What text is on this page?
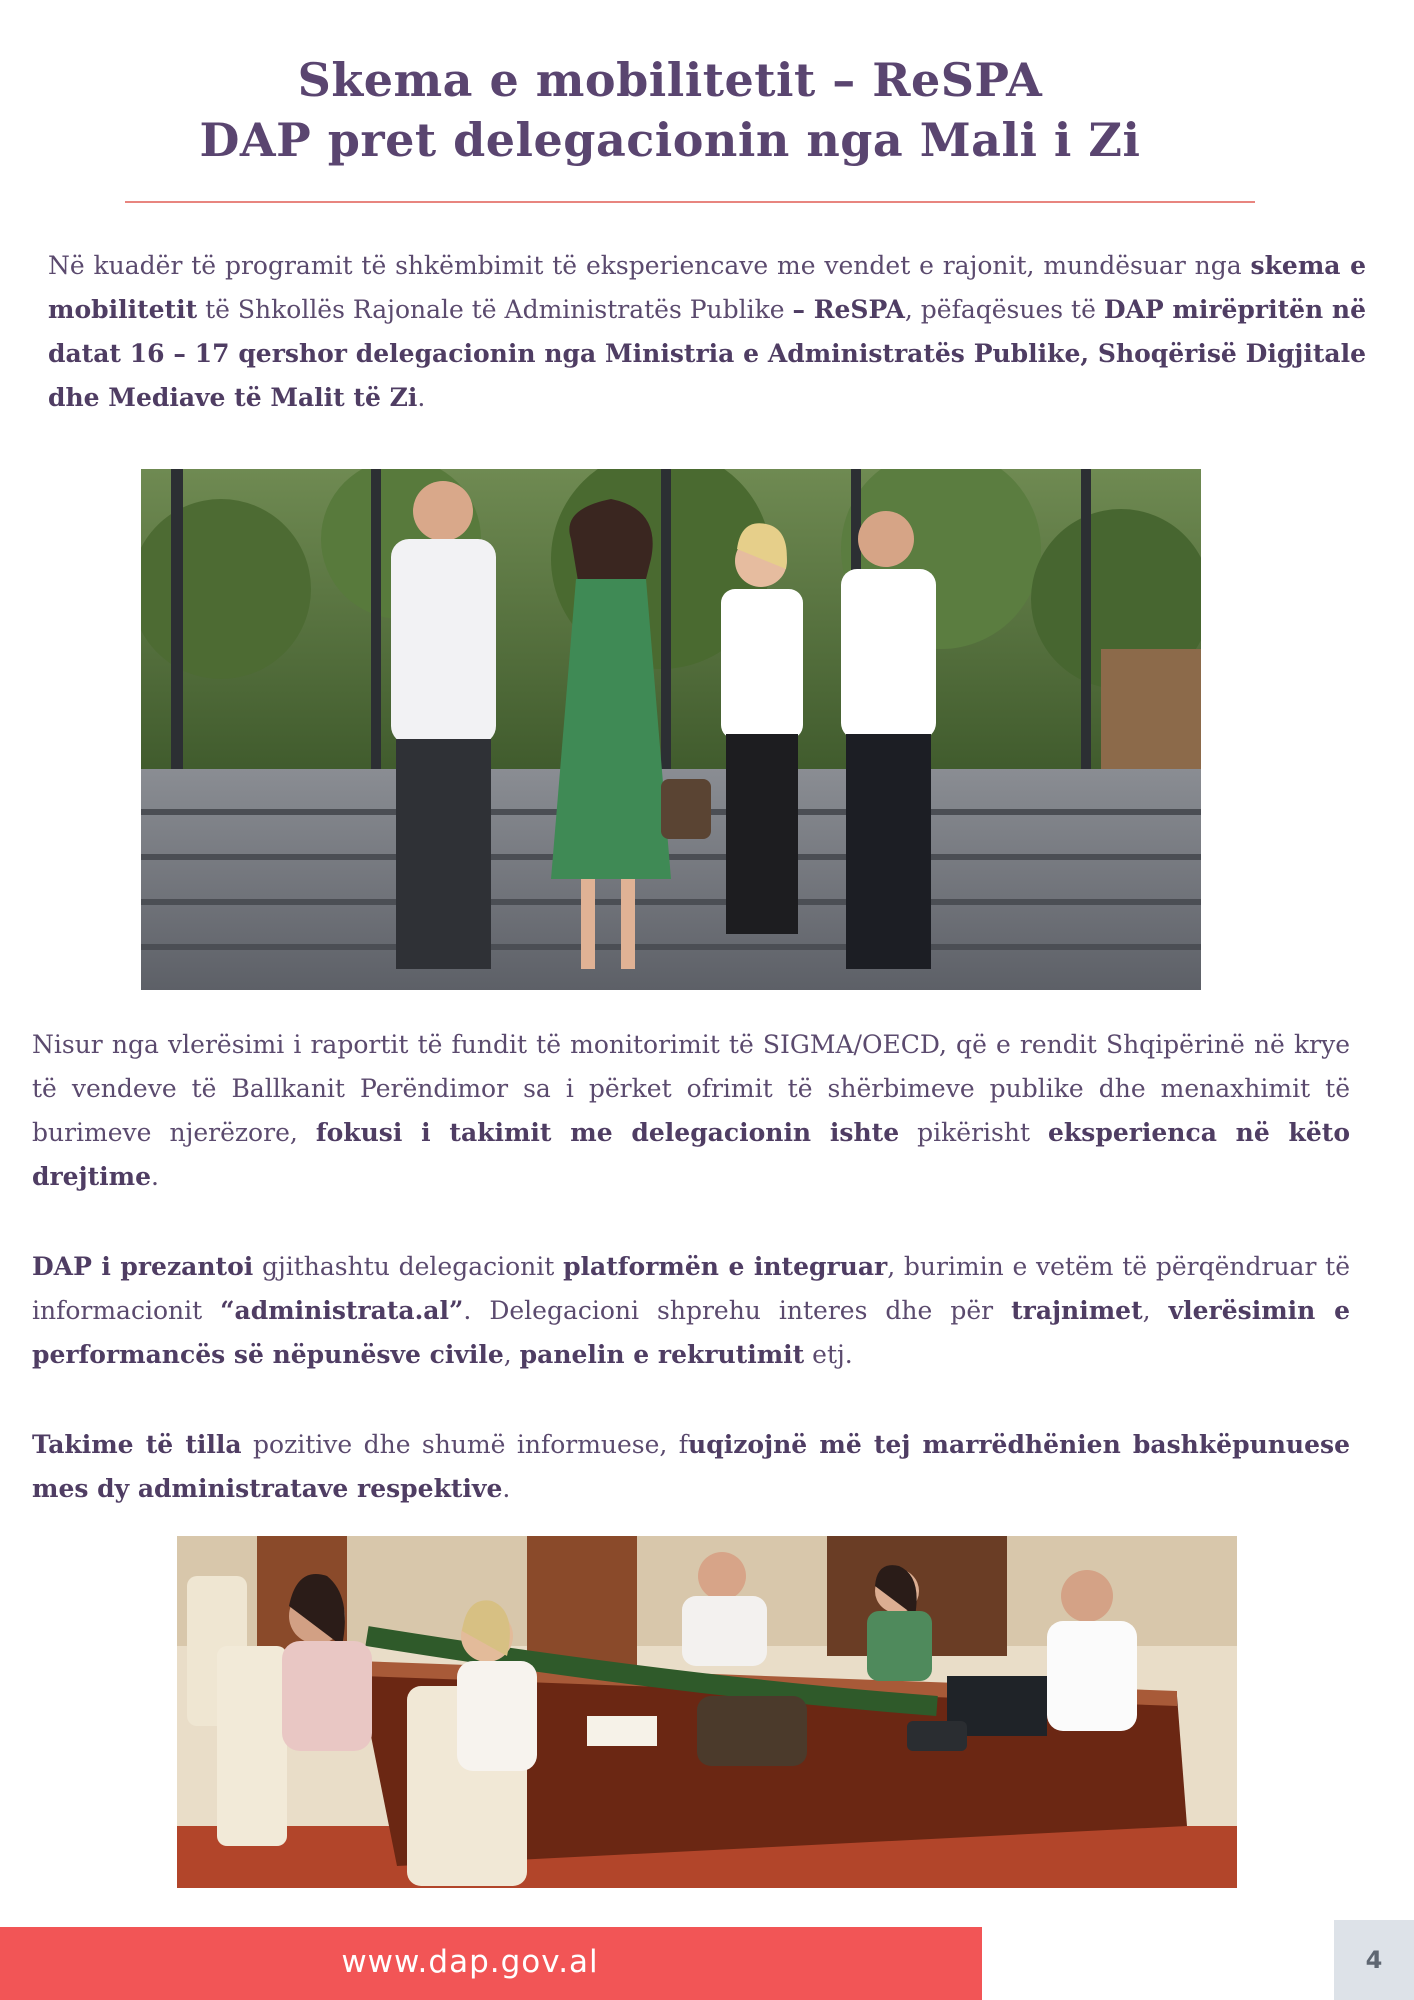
Skema e mobilitetit – ReSPA
DAP pret delegacionin nga Mali i Zi
Në kuadër të programit të shkëmbimit të eksperiencave me vendet e rajonit, mundësuar nga skema e mobilitetit të Shkollës Rajonale të Administratës Publike – ReSPA, pëfaqësues të DAP mirëpritën në datat 16 – 17 qershor delegacionin nga Ministria e Administratës Publike, Shoqërisë Digjitale dhe Mediave të Malit të Zi.
Nisur nga vlerësimi i raportit të fundit të monitorimit të SIGMA/OECD, që e rendit Shqipërinë në krye të vendeve të Ballkanit Perëndimor sa i përket ofrimit të shërbimeve publike dhe menaxhimit të burimeve njerëzore, fokusi i takimit me delegacionin ishte pikërisht eksperienca në këto drejtime.
DAP i prezantoi gjithashtu delegacionit platformën e integruar, burimin e vetëm të përqëndruar të informacionit “administrata.al”. Delegacioni shprehu interes dhe për trajnimet, vlerësimin e performancës së nëpunësve civile, panelin e rekrutimit etj.
Takime të tilla pozitive dhe shumë informuese, fuqizojnë më tej marrëdhënien bashkëpunuese mes dy administratave respektive.
www.dap.gov.al	4
